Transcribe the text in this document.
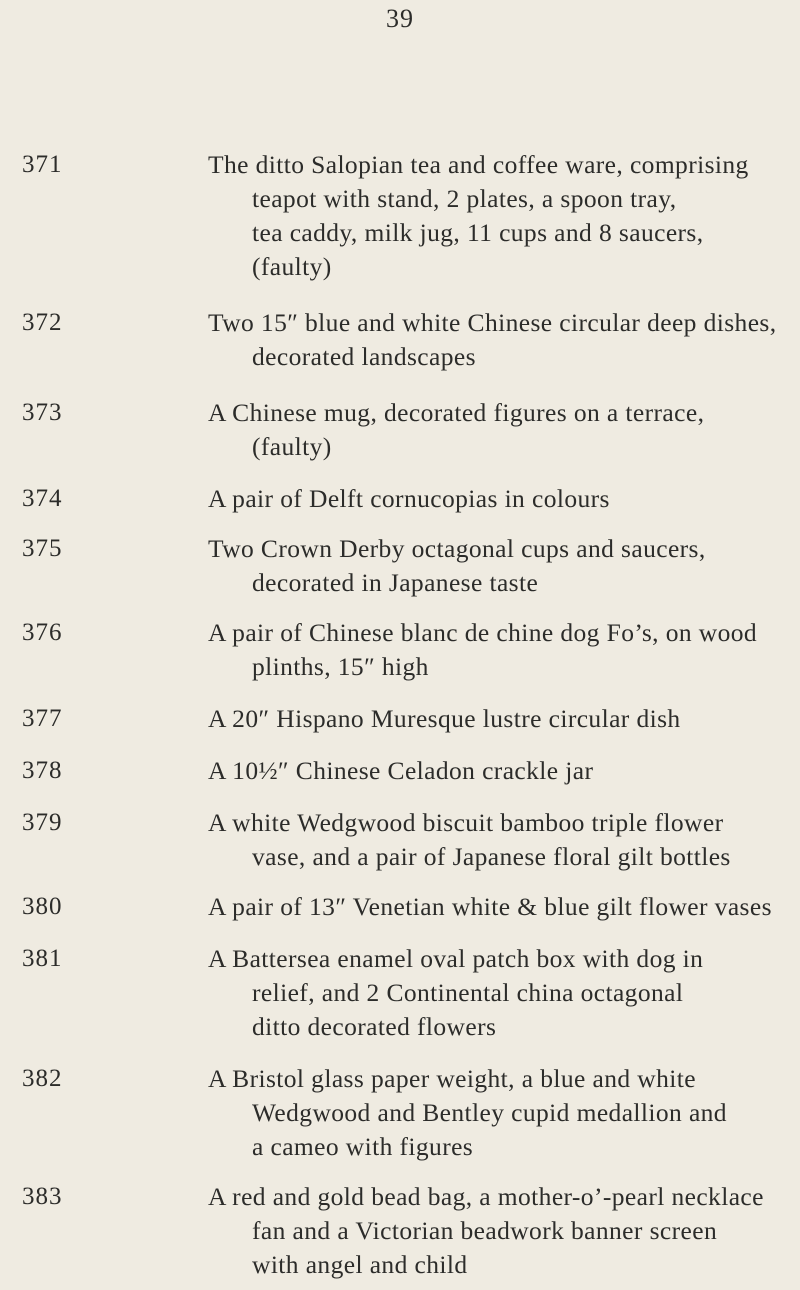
39
371	The ditto Salopian tea and coffee ware, comprising
teapot with stand, 2 plates, a spoon tray,
tea caddy, milk jug, 11 cups and 8 saucers,
(faulty)
372	Two 15″ blue and white Chinese circular deep dishes,
decorated landscapes
373	A Chinese mug, decorated figures on a terrace,
(faulty)
374	A pair of Delft cornucopias in colours
375	Two Crown Derby octagonal cups and saucers,
decorated in Japanese taste
376	A pair of Chinese blanc de chine dog Fo’s, on wood
plinths, 15″ high
377	A 20″ Hispano Muresque lustre circular dish
378	A 10½″ Chinese Celadon crackle jar
379	A white Wedgwood biscuit bamboo triple flower
vase, and a pair of Japanese floral gilt bottles
380	A pair of 13″ Venetian white & blue gilt flower vases
381	A Battersea enamel oval patch box with dog in
relief, and 2 Continental china octagonal
ditto decorated flowers
382	A Bristol glass paper weight, a blue and white
Wedgwood and Bentley cupid medallion and
a cameo with figures
383	A red and gold bead bag, a mother-o’-pearl necklace
fan and a Victorian beadwork banner screen
with angel and child
